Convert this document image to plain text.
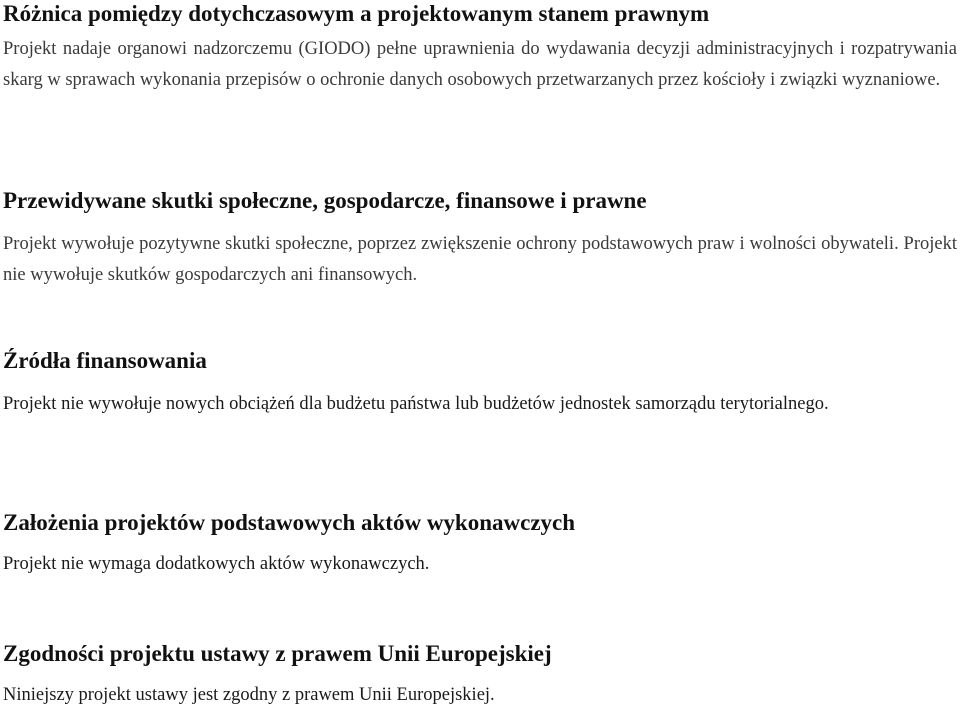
Różnica pomiędzy dotychczasowym a projektowanym stanem prawnym

Projekt nadaje organowi nadzorczemu (GIODO) pełne uprawnienia do wydawania decyzji administracyjnych i rozpatrywania skarg w sprawach wykonania przepisów o ochronie danych osobowych przetwarzanych przez kościoły i związki wyznaniowe.

Przewidywane skutki społeczne, gospodarcze, finansowe i prawne

Projekt wywołuje pozytywne skutki społeczne, poprzez zwiększenie ochrony podstawowych praw i wolności obywateli. Projekt nie wywołuje skutków gospodarczych ani finansowych.

Źródła finansowania

Projekt nie wywołuje nowych obciążeń dla budżetu państwa lub budżetów jednostek samorządu terytorialnego.

Założenia projektów podstawowych aktów wykonawczych

Projekt nie wymaga dodatkowych aktów wykonawczych.

Zgodności projektu ustawy z prawem Unii Europejskiej

Niniejszy projekt ustawy jest zgodny z prawem Unii Europejskiej.
